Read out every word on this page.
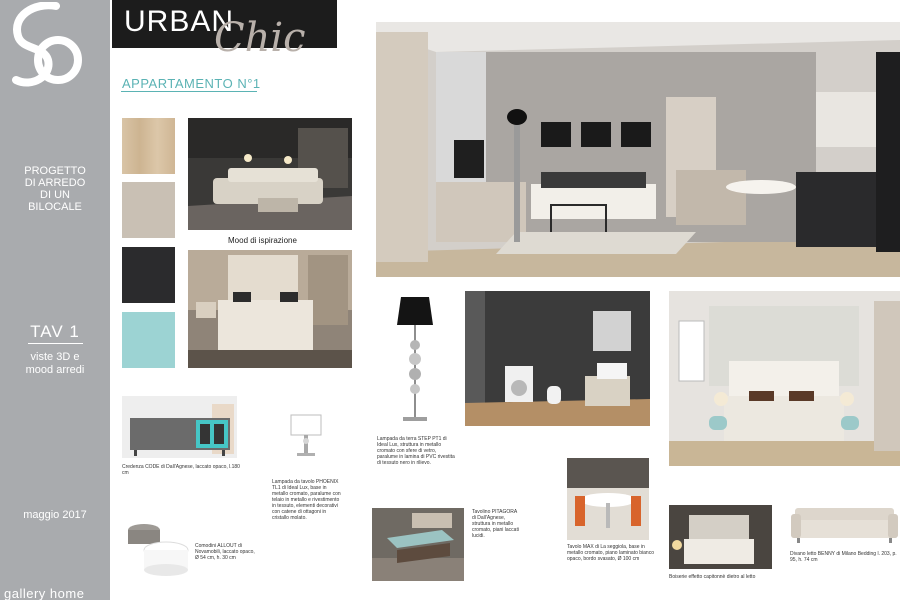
PROGETTO
DI ARREDO
DI UN
BILOCALE
TAV 1
viste 3D e
mood arredi
maggio 2017
gallery home
URBAN
Chic
APPARTAMENTO N°1
Mood di ispirazione
Lampada da terra STEP PT1 di Ideal Lux, struttura in metallo cromato con sfere di vetro, paralume in lamina di PVC rivestita di tessuto nero in rilievo.
Credenza CODE di Dall'Agnese, laccato opaco, l.180 cm
Lampada da tavolo PHOENIX TL1 di Ideal Lux, base in metallo cromato, paralume con telaio in metallo e rivestimento in tessuto, elementi decorativi con catene di ottagoni in cristallo molato.
Comodini ALLOUT di Novamobili, laccato opaco, Ø 54 cm, h. 30 cm
Tavolino PITAGORA di Dall'Agnese, struttura in metallo cromato, piani laccati lucidi.
Tavolo MAX di La seggiola, base in metallo cromato, piano laminato bianco opaco, bordo svasato, Ø 100 cm
Boiserie effetto capitonnè dietro al letto
Divano letto BENNY di Milano Bedding l. 203, p. 95, h. 74 cm
